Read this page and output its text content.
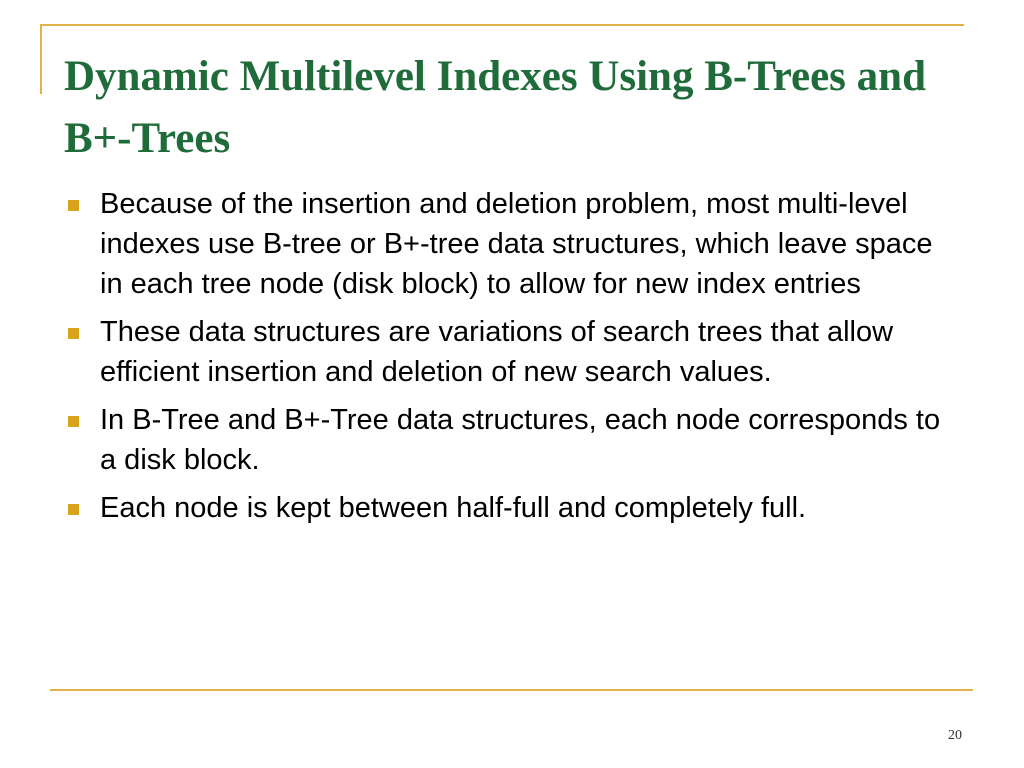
Dynamic Multilevel Indexes Using B-Trees and B+-Trees
Because of the insertion and deletion problem, most multi-level indexes use B-tree or B+-tree data structures, which leave space in each tree node (disk block) to allow for new index entries
These data structures are variations of search trees that allow efficient insertion and deletion of new search values.
In B-Tree and B+-Tree data structures, each node corresponds to a disk block.
Each node is kept between half-full and completely full.
20
